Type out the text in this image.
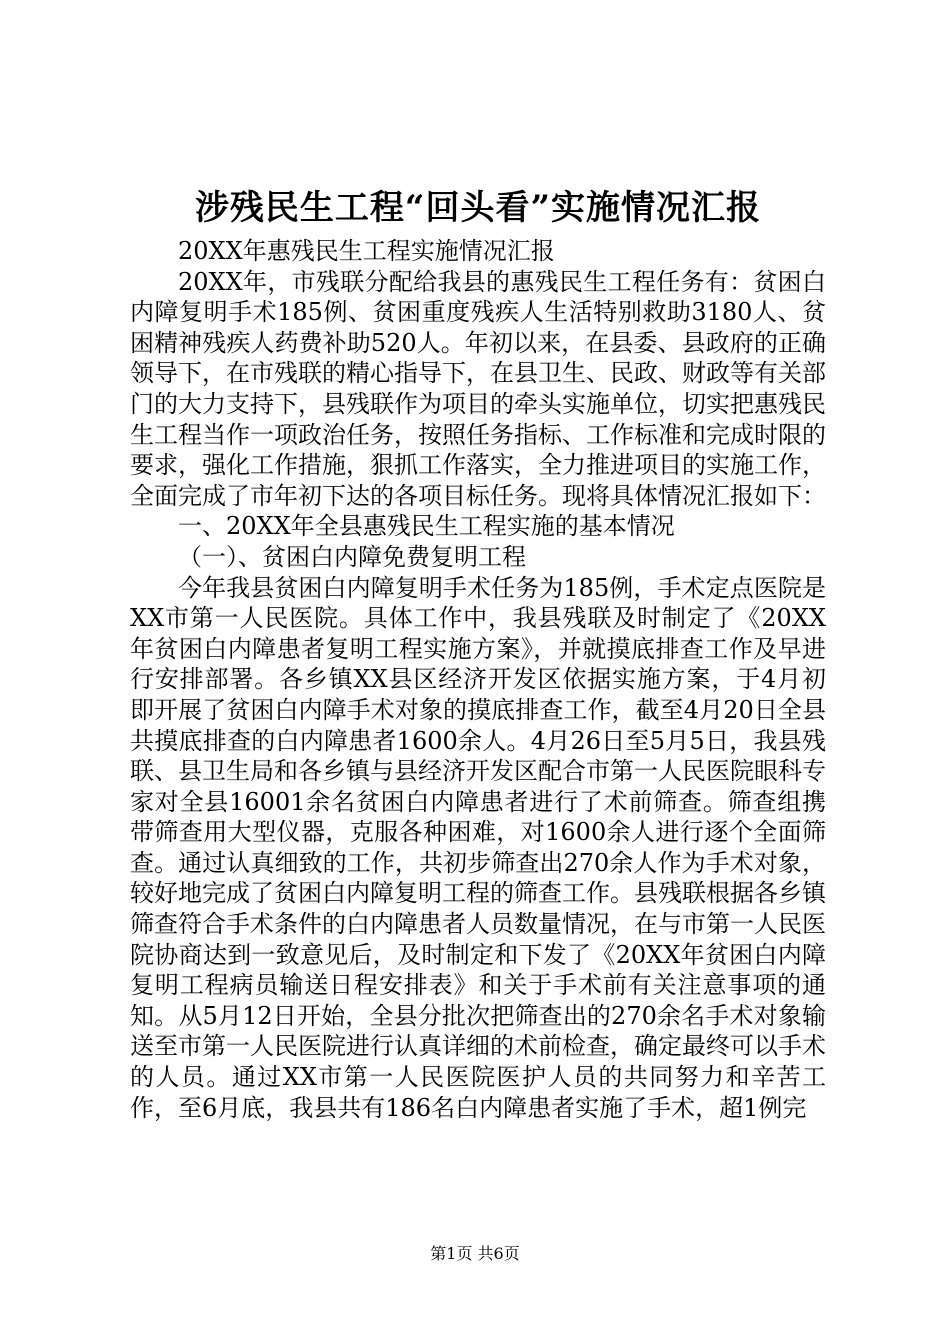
涉残民生工程“回头看”实施情况汇报

20XX年惠残民生工程实施情况汇报

20XX年，市残联分配给我县的惠残民生工程任务有：贫困白内障复明手术185例、贫困重度残疾人生活特别救助3180人、贫困精神残疾人药费补助520人。年初以来，在县委、县政府的正确领导下，在市残联的精心指导下，在县卫生、民政、财政等有关部门的大力支持下，县残联作为项目的牵头实施单位，切实把惠残民生工程当作一项政治任务，按照任务指标、工作标准和完成时限的要求，强化工作措施，狠抓工作落实，全力推进项目的实施工作，全面完成了市年初下达的各项目标任务。现将具体情况汇报如下：

一、20XX年全县惠残民生工程实施的基本情况

（一）、贫困白内障免费复明工程

今年我县贫困白内障复明手术任务为185例，手术定点医院是XX市第一人民医院。具体工作中，我县残联及时制定了《20XX年贫困白内障患者复明工程实施方案》，并就摸底排查工作及早进行安排部署。各乡镇XX县区经济开发区依据实施方案，于4月初即开展了贫困白内障手术对象的摸底排查工作，截至4月20日全县共摸底排查的白内障患者1600余人。4月26日至5月5日，我县残联、县卫生局和各乡镇与县经济开发区配合市第一人民医院眼科专家对全县16001余名贫困白内障患者进行了术前筛查。筛查组携带筛查用大型仪器，克服各种困难，对1600余人进行逐个全面筛查。通过认真细致的工作，共初步筛查出270余人作为手术对象，较好地完成了贫困白内障复明工程的筛查工作。县残联根据各乡镇筛查符合手术条件的白内障患者人员数量情况，在与市第一人民医院协商达到一致意见后，及时制定和下发了《20XX年贫困白内障复明工程病员输送日程安排表》和关于手术前有关注意事项的通知。从5月12日开始，全县分批次把筛查出的270余名手术对象输送至市第一人民医院进行认真详细的术前检查，确定最终可以手术的人员。通过XX市第一人民医院医护人员的共同努力和辛苦工作，至6月底，我县共有186名白内障患者实施了手术，超1例完

第1页 共6页
